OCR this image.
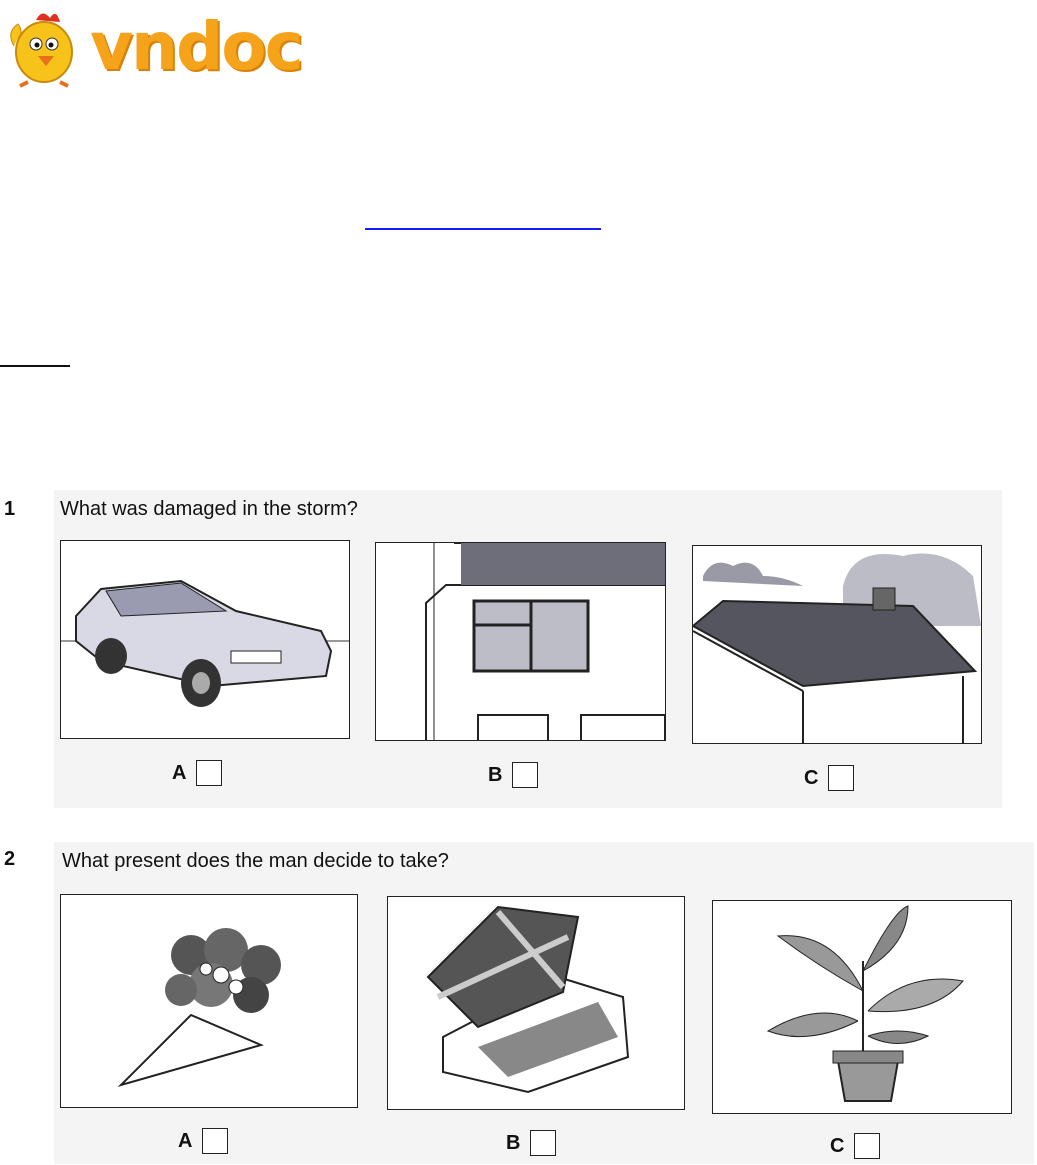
vndoc
1 What was damaged in the storm?
A	B	C
2 What present does the man decide to take?
A	B	C
